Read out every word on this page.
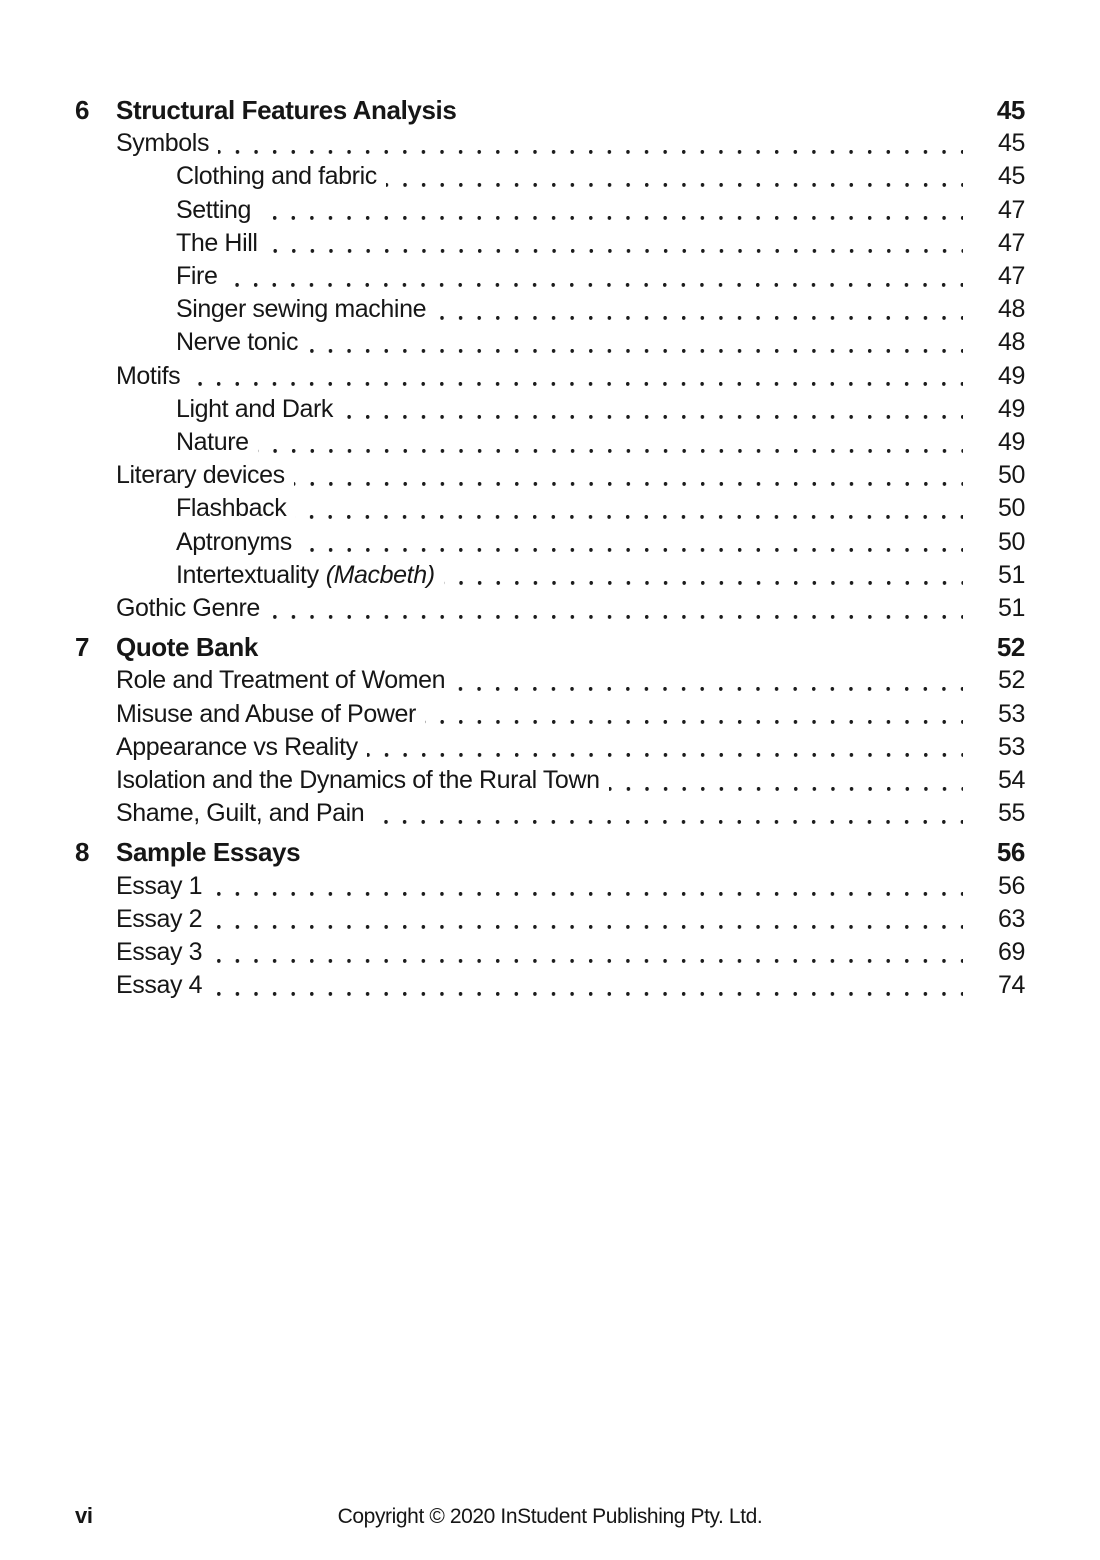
6	Structural Features Analysis	45
Symbols	45
Clothing and fabric	45
Setting	47
The Hill	47
Fire	47
Singer sewing machine	48
Nerve tonic	48
Motifs	49
Light and Dark	49
Nature	49
Literary devices	50
Flashback	50
Aptronyms	50
Intertextuality (Macbeth)	51
Gothic Genre	51
7	Quote Bank	52
Role and Treatment of Women	52
Misuse and Abuse of Power	53
Appearance vs Reality	53
Isolation and the Dynamics of the Rural Town	54
Shame, Guilt, and Pain	55
8	Sample Essays	56
Essay 1	56
Essay 2	63
Essay 3	69
Essay 4	74
vi	Copyright © 2020 InStudent Publishing Pty. Ltd.
